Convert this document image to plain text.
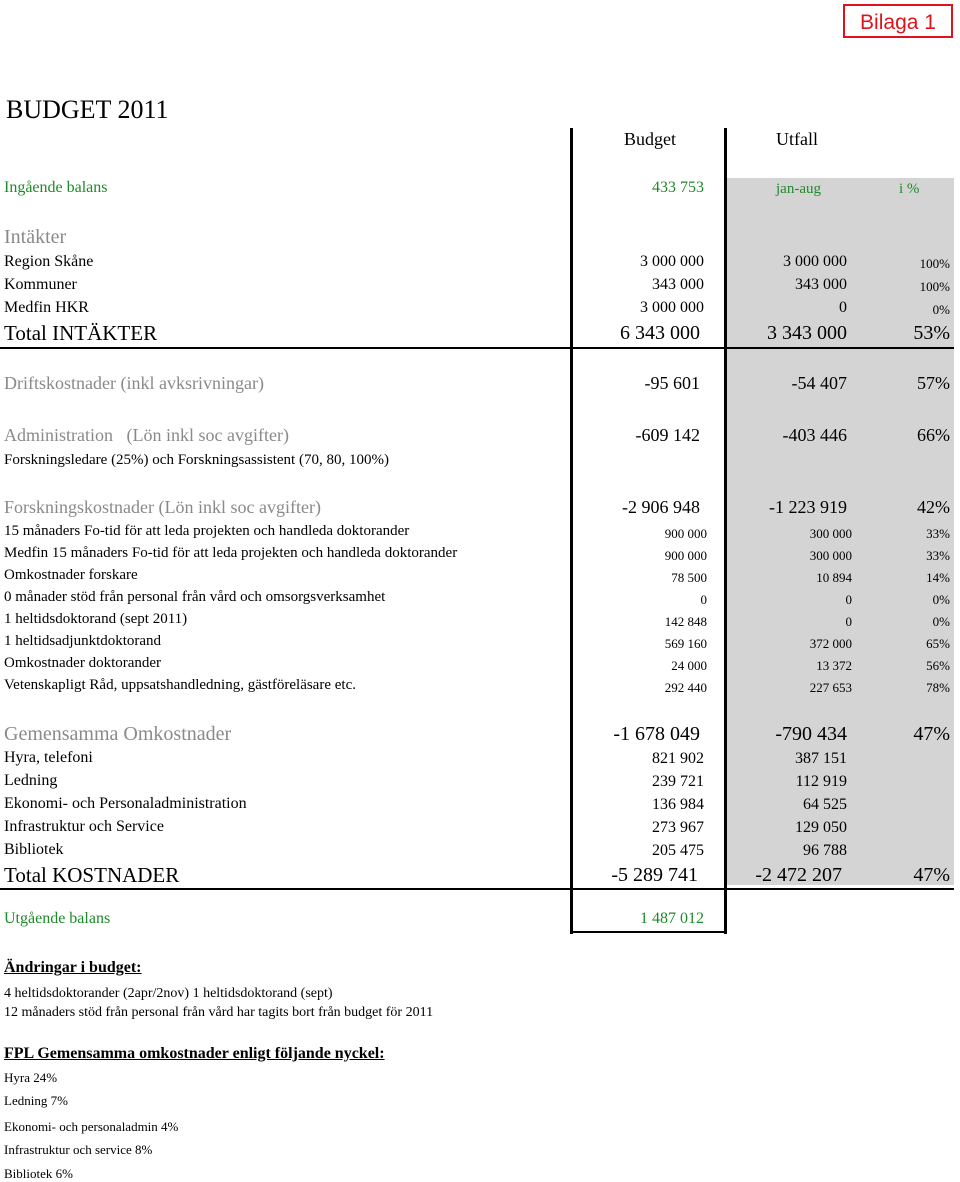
Bilaga 1
BUDGET 2011
Budget	Utfall
Ingående balans	433 753	jan-aug	i %
Intäkter
Region Skåne	3 000 000	3 000 000	100%
Kommuner	343 000	343 000	100%
Medfin HKR	3 000 000	0	0%
Total INTÄKTER	6 343 000	3 343 000	53%
Driftskostnader (inkl avksrivningar)	-95 601	-54 407	57%
Administration (Lön inkl soc avgifter)	-609 142	-403 446	66%
Forskningsledare (25%) och Forskningsassistent (70, 80, 100%)
Forskningskostnader (Lön inkl soc avgifter)	-2 906 948	-1 223 919	42%
15 månaders Fo-tid för att leda projekten och handleda doktorander	900 000	300 000	33%
Medfin 15 månaders Fo-tid för att leda projekten och handleda doktorander	900 000	300 000	33%
Omkostnader forskare	78 500	10 894	14%
0 månader stöd från personal från vård och omsorgsverksamhet	0	0	0%
1 heltidsdoktorand (sept 2011)	142 848	0	0%
1 heltidsadjunktdoktorand	569 160	372 000	65%
Omkostnader doktorander	24 000	13 372	56%
Vetenskapligt Råd, uppsatshandledning, gästföreläsare etc.	292 440	227 653	78%
Gemensamma Omkostnader	-1 678 049	-790 434	47%
Hyra, telefoni	821 902	387 151
Ledning	239 721	112 919
Ekonomi- och Personaladministration	136 984	64 525
Infrastruktur och Service	273 967	129 050
Bibliotek	205 475	96 788
Total KOSTNADER	-5 289 741	-2 472 207	47%
Utgående balans	1 487 012
Ändringar i budget:
4 heltidsdoktorander (2apr/2nov) 1 heltidsdoktorand (sept)
12 månaders stöd från personal från vård har tagits bort från budget för 2011
FPL Gemensamma omkostnader enligt följande nyckel:
Hyra 24%
Ledning 7%
Ekonomi- och personaladmin 4%
Infrastruktur och service 8%
Bibliotek 6%
